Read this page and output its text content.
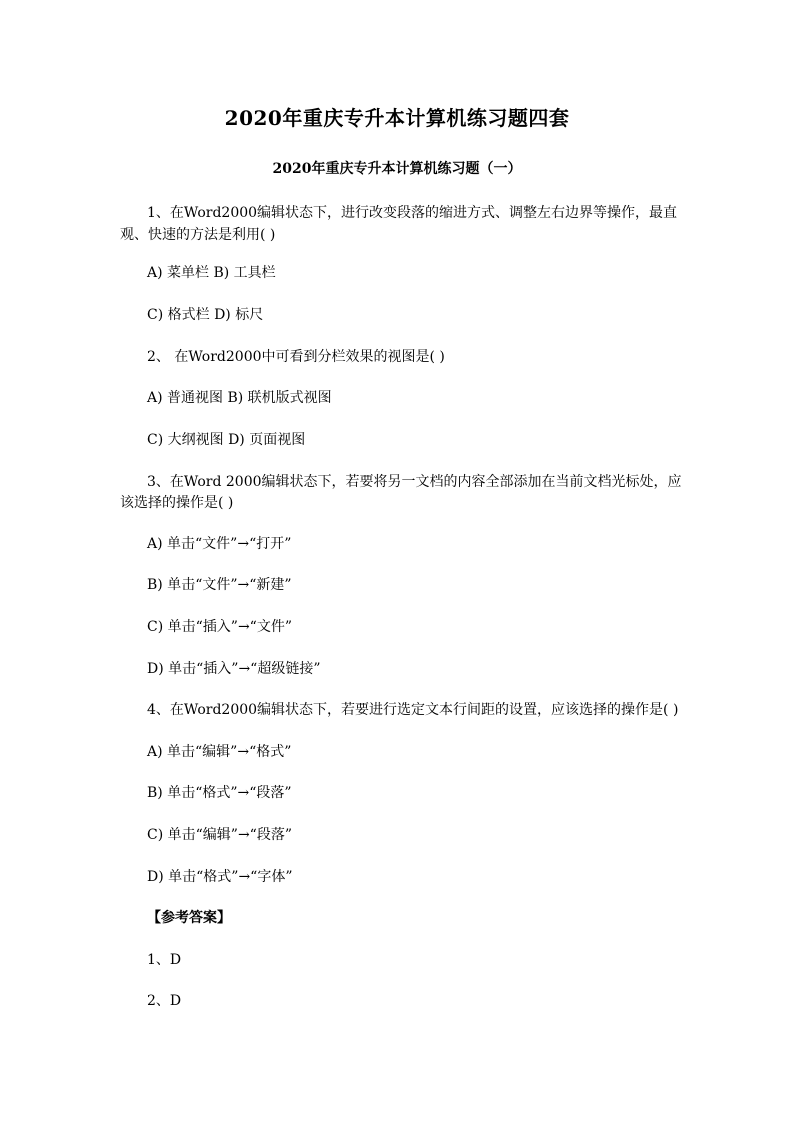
2020年重庆专升本计算机练习题四套
2020年重庆专升本计算机练习题（一）
1、在Word2000编辑状态下，进行改变段落的缩进方式、调整左右边界等操作，最直
观、快速的方法是利用( )
A) 菜单栏 B) 工具栏
C) 格式栏 D) 标尺
2、 在Word2000中可看到分栏效果的视图是( )
A) 普通视图 B) 联机版式视图
C) 大纲视图 D) 页面视图
3、在Word 2000编辑状态下，若要将另一文档的内容全部添加在当前文档光标处，应
该选择的操作是( )
A) 单击“文件”→“打开”
B) 单击“文件”→“新建”
C) 单击“插入”→“文件”
D) 单击“插入”→“超级链接”
4、在Word2000编辑状态下，若要进行选定文本行间距的设置，应该选择的操作是( )
A) 单击“编辑”→“格式”
B) 单击“格式”→“段落”
C) 单击“编辑”→“段落”
D) 单击“格式”→“字体”
【参考答案】
1、D
2、D
